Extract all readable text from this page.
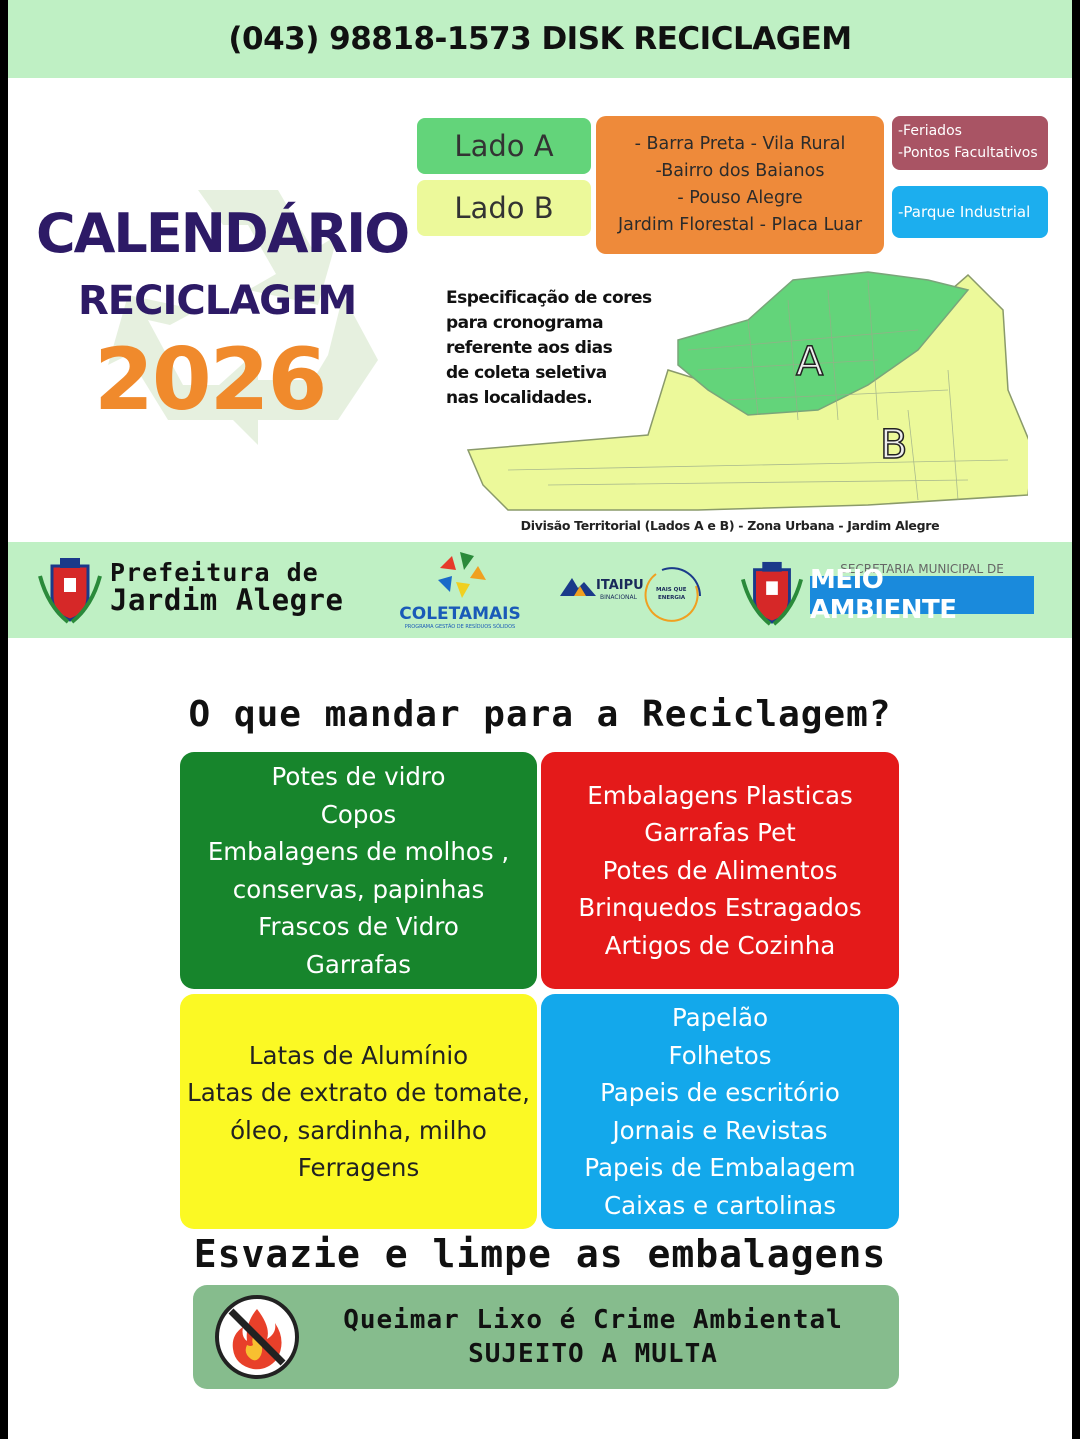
(043) 98818-1573 DISK RECICLAGEM
CALENDÁRIO
RECICLAGEM
2026
Lado A
Lado B
- Barra Preta - Vila Rural
-Bairro dos Baianos
- Pouso Alegre
Jardim Florestal - Placa Luar
-Feriados
-Pontos Facultativos
-Parque Industrial
A
B
Especificação de cores
para cronograma
referente aos dias
de coleta seletiva
nas localidades.
Divisão Territorial (Lados A e B) - Zona Urbana - Jardim Alegre
Prefeitura de
Jardim Alegre	COLETAMAIS
PROGRAMA GESTÃO DE RESÍDUOS SÓLIDOS
ITAIPU
BINACIONAL
MAIS QUE
ENERGIA
SECRETARIA MUNICIPAL DE
MEIO AMBIENTE
O que mandar para a Reciclagem?
Potes de vidro
Copos
Embalagens de molhos ,
conservas, papinhas
Frascos de Vidro
Garrafas
Embalagens Plasticas
Garrafas Pet
Potes de Alimentos
Brinquedos Estragados
Artigos de Cozinha
Latas de Alumínio
Latas de extrato de tomate,
óleo, sardinha, milho
Ferragens
Papelão
Folhetos
Papeis de escritório
Jornais e Revistas
Papeis de Embalagem
Caixas e cartolinas
Esvazie e limpe as embalagens
Queimar Lixo é Crime Ambiental
SUJEITO A MULTA
